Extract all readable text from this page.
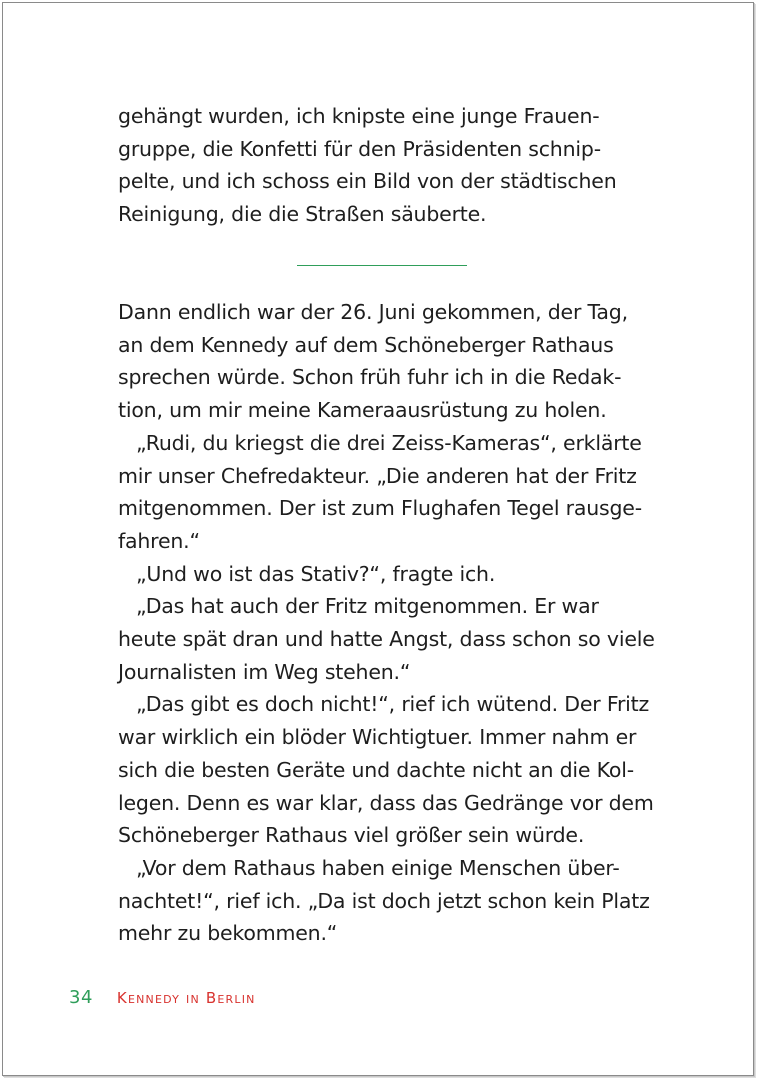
gehängt wurden, ich knipste eine junge Frauen-
gruppe, die Konfetti für den Präsidenten schnip-
pelte, und ich schoss ein Bild von der städtischen
Reinigung, die die Straßen säuberte.

Dann endlich war der 26. Juni gekommen, der Tag,
an dem Kennedy auf dem Schöneberger Rathaus
sprechen würde. Schon früh fuhr ich in die Redak-
tion, um mir meine Kameraausrüstung zu holen.

„Rudi, du kriegst die drei Zeiss-Kameras“, erklärte
mir unser Chefredakteur. „Die anderen hat der Fritz
mitgenommen. Der ist zum Flughafen Tegel rausge-
fahren.“

„Und wo ist das Stativ?“, fragte ich.

„Das hat auch der Fritz mitgenommen. Er war
heute spät dran und hatte Angst, dass schon so viele
Journalisten im Weg stehen.“

„Das gibt es doch nicht!“, rief ich wütend. Der Fritz
war wirklich ein blöder Wichtigtuer. Immer nahm er
sich die besten Geräte und dachte nicht an die Kol-
legen. Denn es war klar, dass das Gedränge vor dem
Schöneberger Rathaus viel größer sein würde.

„Vor dem Rathaus haben einige Menschen über-
nachtet!“, rief ich. „Da ist doch jetzt schon kein Platz
mehr zu bekommen.“

34 Kennedy in Berlin
